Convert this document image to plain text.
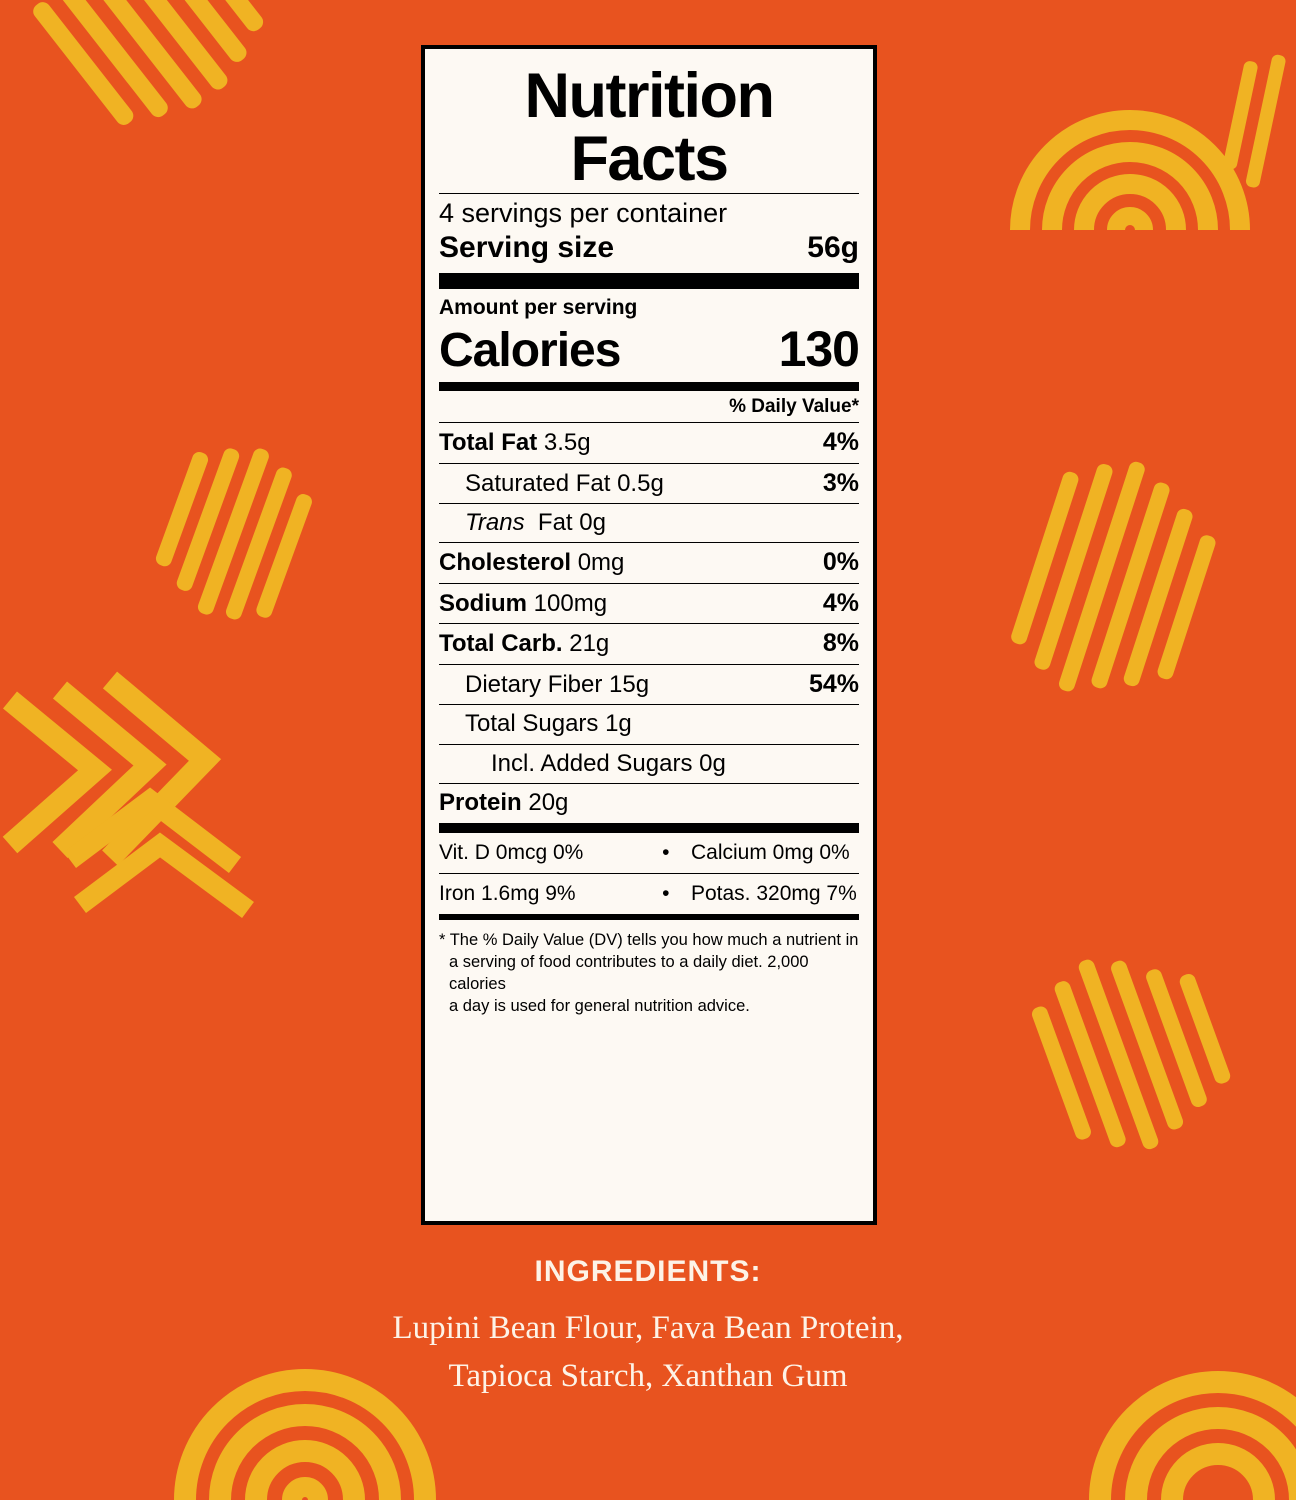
Nutrition Facts
4 servings per container
Serving size	56g
Amount per serving
Calories	130
% Daily Value*
Total Fat 3.5g	4%
Saturated Fat 0.5g	3%
Trans Fat 0g
Cholesterol 0mg	0%
Sodium 100mg	4%
Total Carb. 21g	8%
Dietary Fiber 15g	54%
Total Sugars 1g
Incl. Added Sugars 0g
Protein 20g
Vit. D 0mcg 0%	•	Calcium 0mg 0%
Iron 1.6mg 9%	•	Potas. 320mg 7%
* The % Daily Value (DV) tells you how much a nutrient in
a serving of food contributes to a daily diet. 2,000 calories
a day is used for general nutrition advice.
INGREDIENTS:
Lupini Bean Flour, Fava Bean Protein,
Tapioca Starch, Xanthan Gum
